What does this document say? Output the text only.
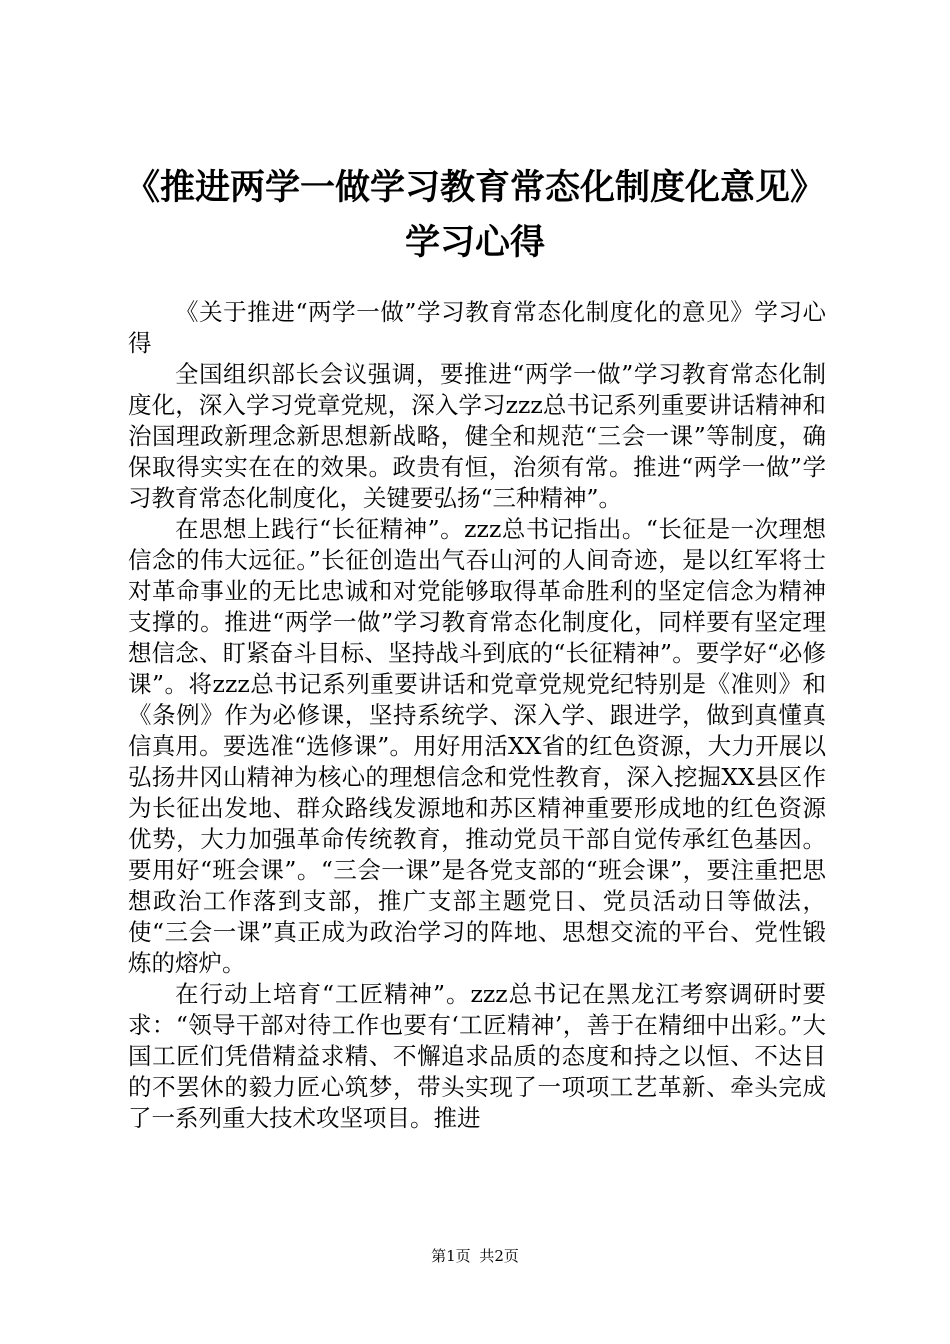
《推进两学一做学习教育常态化制度化意见》
学习心得

《关于推进“两学一做”学习教育常态化制度化的意见》学习心得

全国组织部长会议强调，要推进“两学一做”学习教育常态化制度化，深入学习党章党规，深入学习zzz总书记系列重要讲话精神和治国理政新理念新思想新战略，健全和规范“三会一课”等制度，确保取得实实在在的效果。政贵有恒，治须有常。推进“两学一做”学习教育常态化制度化，关键要弘扬“三种精神”。

在思想上践行“长征精神”。zzz总书记指出。“长征是一次理想信念的伟大远征。”长征创造出气吞山河的人间奇迹，是以红军将士对革命事业的无比忠诚和对党能够取得革命胜利的坚定信念为精神支撑的。推进“两学一做”学习教育常态化制度化，同样要有坚定理想信念、盯紧奋斗目标、坚持战斗到底的“长征精神”。要学好“必修课”。将zzz总书记系列重要讲话和党章党规党纪特别是《准则》和《条例》作为必修课，坚持系统学、深入学、跟进学，做到真懂真信真用。要选准“选修课”。用好用活XX省的红色资源，大力开展以弘扬井冈山精神为核心的理想信念和党性教育，深入挖掘XX县区作为长征出发地、群众路线发源地和苏区精神重要形成地的红色资源优势，大力加强革命传统教育，推动党员干部自觉传承红色基因。要用好“班会课”。“三会一课”是各党支部的“班会课”，要注重把思想政治工作落到支部，推广支部主题党日、党员活动日等做法，使“三会一课”真正成为政治学习的阵地、思想交流的平台、党性锻炼的熔炉。

在行动上培育“工匠精神”。zzz总书记在黑龙江考察调研时要求：“领导干部对待工作也要有‘工匠精神’，善于在精细中出彩。”大国工匠们凭借精益求精、不懈追求品质的态度和持之以恒、不达目的不罢休的毅力匠心筑梦，带头实现了一项项工艺革新、牵头完成了一系列重大技术攻坚项目。推进

第1页 共2页
